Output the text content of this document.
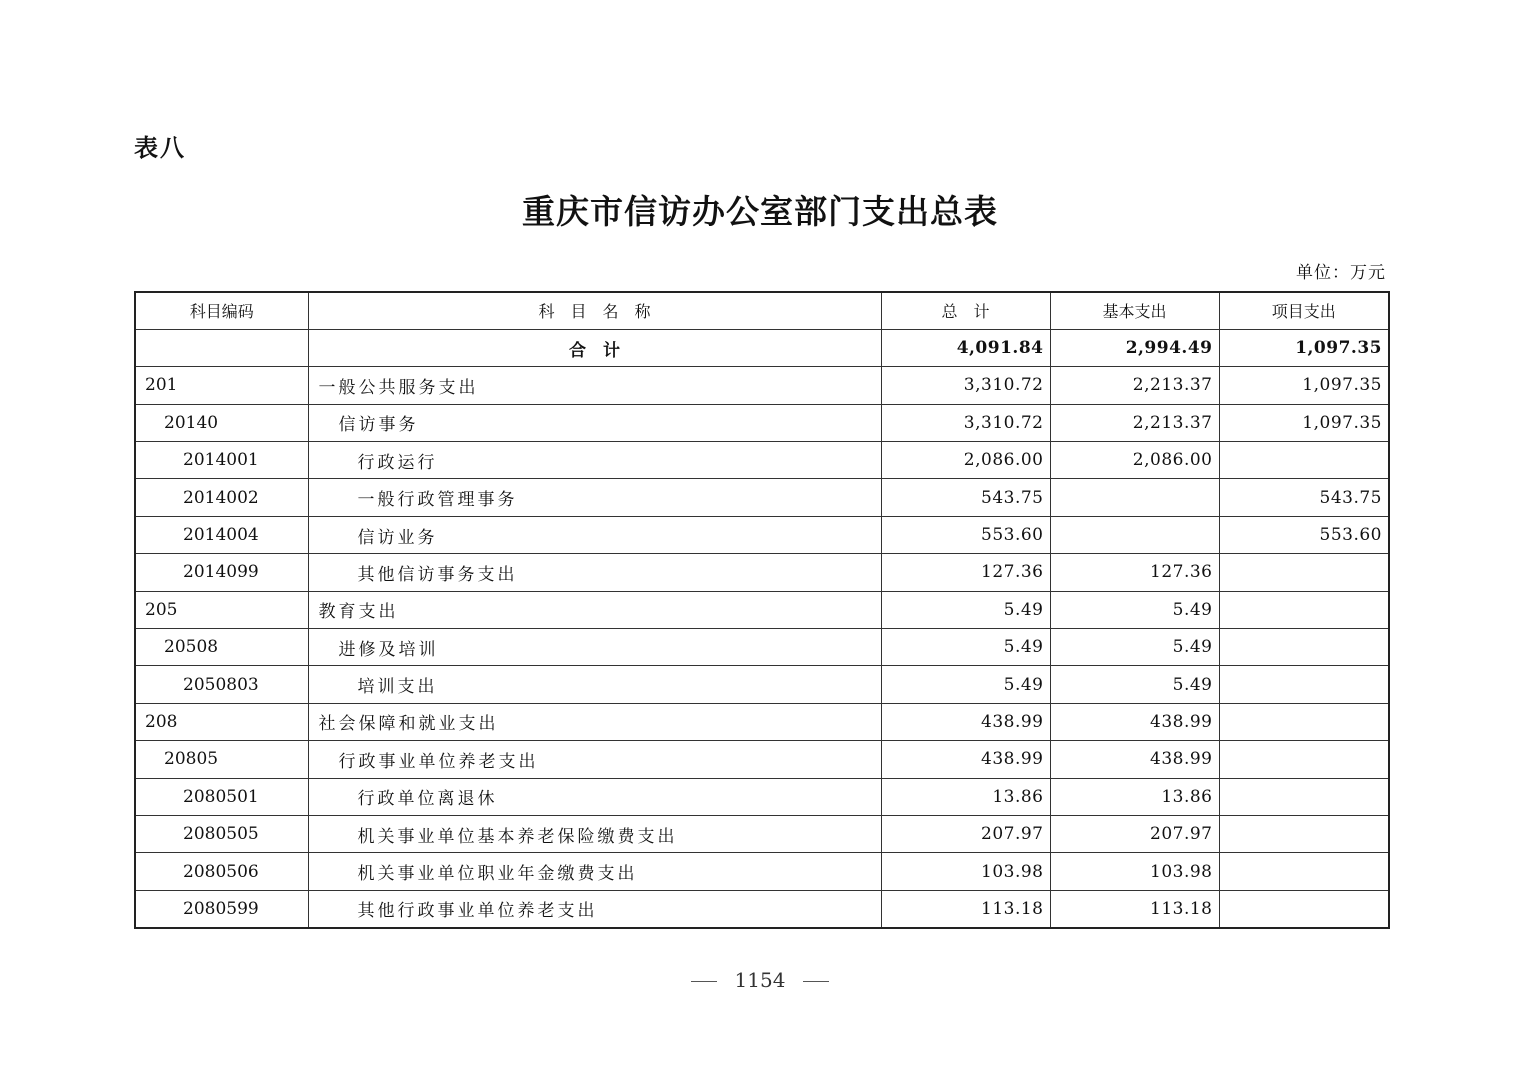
表八
重庆市信访办公室部门支出总表
单位：万元
科目编码	科　目　名　称	总　计	基本支出	项目支出
	合　计	4,091.84	2,994.49	1,097.35
201	一般公共服务支出	3,310.72	2,213.37	1,097.35
20140	信访事务	3,310.72	2,213.37	1,097.35
2014001	行政运行	2,086.00	2,086.00	
2014002	一般行政管理事务	543.75		543.75
2014004	信访业务	553.60		553.60
2014099	其他信访事务支出	127.36	127.36	
205	教育支出	5.49	5.49	
20508	进修及培训	5.49	5.49	
2050803	培训支出	5.49	5.49	
208	社会保障和就业支出	438.99	438.99	
20805	行政事业单位养老支出	438.99	438.99	
2080501	行政单位离退休	13.86	13.86	
2080505	机关事业单位基本养老保险缴费支出	207.97	207.97	
2080506	机关事业单位职业年金缴费支出	103.98	103.98	
2080599	其他行政事业单位养老支出	113.18	113.18	
1154
